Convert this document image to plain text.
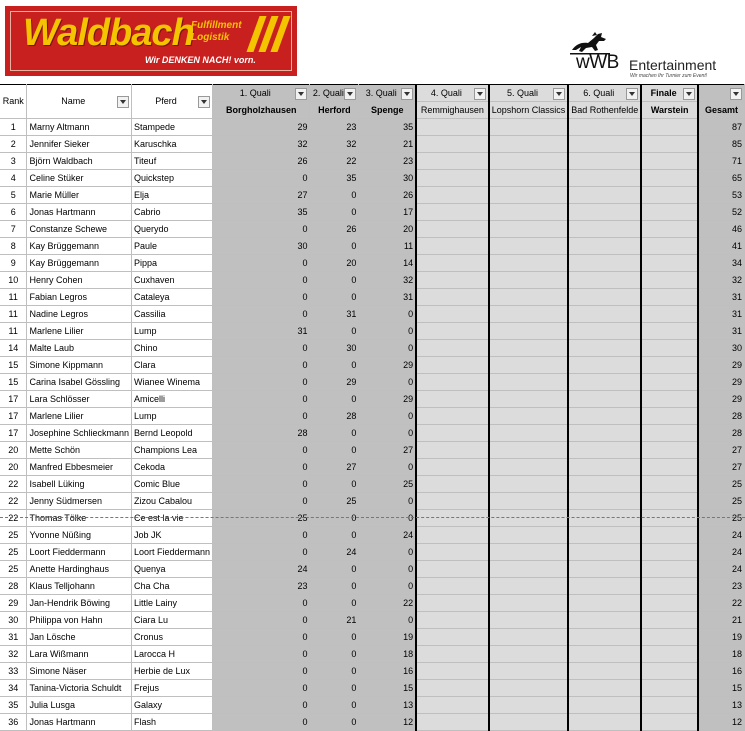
Waldbach
Fulfillment
Logistik
Wir DENKEN NACH! vorn.	wWB Entertainment
Wir machen Ihr Turnier zum Event!
Rank	Name	Pferd	1. Quali	2. Quali	3. Quali	4. Quali	5. Quali	6. Quali	Finale	

			Borgholzhausen	Herford	Spenge	Remmighausen	Lopshorn Classics	Bad Rothenfelde	Warstein	Gesamt
1	Marny Altmann	Stampede	29	23	35					87
2	Jennifer Sieker	Karuschka	32	32	21					85
3	Björn Waldbach	Titeuf	26	22	23					71
4	Celine Stüker	Quickstep	0	35	30					65
5	Marie Müller	Elja	27	0	26					53
6	Jonas Hartmann	Cabrio	35	0	17					52
7	Constanze Schewe	Querydo	0	26	20					46
8	Kay Brüggemann	Paule	30	0	11					41
9	Kay Brüggemann	Pippa	0	20	14					34
10	Henry Cohen	Cuxhaven	0	0	32					32
11	Fabian Legros	Cataleya	0	0	31					31
11	Nadine Legros	Cassilia	0	31	0					31
11	Marlene Lilier	Lump	31	0	0					31
14	Malte Laub	Chino	0	30	0					30
15	Simone Kippmann	Clara	0	0	29					29
15	Carina Isabel Gössling	Wianee Winema	0	29	0					29
17	Lara Schlösser	Amicelli	0	0	29					29
17	Marlene Lilier	Lump	0	28	0					28
17	Josephine Schlieckmann	Bernd Leopold	28	0	0					28
20	Mette Schön	Champions Lea	0	0	27					27
20	Manfred Ebbesmeier	Cekoda	0	27	0					27
22	Isabell Lüking	Comic Blue	0	0	25					25
22	Jenny Südmersen	Zizou Cabalou	0	25	0					25
22	Thomas Tölke	Ce est la vie	25	0	0					25
25	Yvonne Nüßing	Job JK	0	0	24					24
25	Loort Fieddermann	Loort Fieddermann	0	24	0					24
25	Anette Hardinghaus	Quenya	24	0	0					24
28	Klaus Telljohann	Cha Cha	23	0	0					23
29	Jan-Hendrik Böwing	Little Lainy	0	0	22					22
30	Philippa von Hahn	Ciara Lu	0	21	0					21
31	Jan Lösche	Cronus	0	0	19					19
32	Lara Wißmann	Larocca H	0	0	18					18
33	Simone Näser	Herbie de Lux	0	0	16					16
34	Tanina-Victoria Schuldt	Frejus	0	0	15					15
35	Julia Lusga	Galaxy	0	0	13					13
36	Jonas Hartmann	Flash	0	0	12					12
